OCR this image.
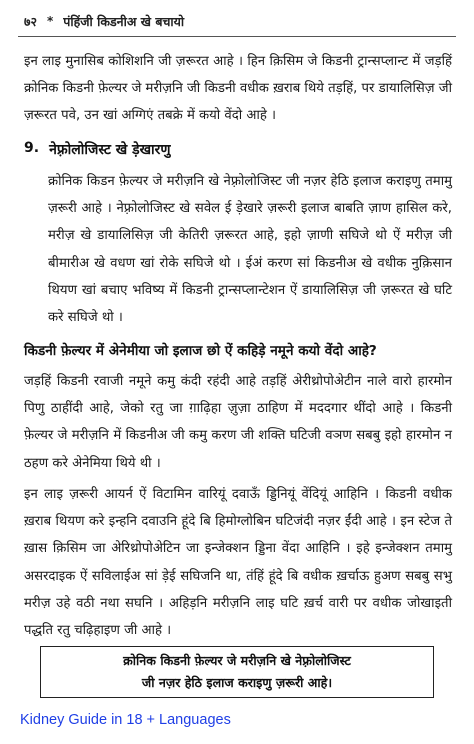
७२ * पंहिंजी किडनीअ खे बचायो

इन लाइ मुनासिब कोशिशनि जी ज़रूरत आहे । हिन क़िसिम जे किडनी ट्रान्सप्लान्ट में जड़हिं क्रोनिक किडनी फ़ेल्यर जे मरीज़नि जी किडनी वधीक ख़राब थिये तड़हिं, पर डायालिसिज़ जी ज़रूरत पवे, उन खां अग्गिएं तबक्रे में कयो वेंदो आहे ।

9. नेफ़्रोलोजिस्ट खे ड़ेखारणु

क्रोनिक किडन फ़ेल्यर जे मरीज़नि खे नेफ़्रोलोजिस्ट जी नज़र हेठि इलाज कराइणु तमामु ज़रूरी आहे । नेफ़्रोलोजिस्ट खे सवेल ई ड़ेखारे ज़रूरी इलाज बाबति ज़ाण हासिल करे, मरीज़ खे डायालिसिज़ जी केतिरी ज़रूरत आहे, इहो ज़ाणी सघिजे थो ऐं मरीज़ जी बीमारीअ खे वधण खां रोके सघिजे थो । ईअं करण सां किडनीअ खे वधीक नुक़िसान थियण खां बचाए भविष्य में किडनी ट्रान्सप्लान्टेशन ऐं डायालिसिज़ जी ज़रूरत खे घटि करे सघिजे थो ।

किडनी फ़ेल्यर में अेनेमीया जो इलाज छो ऐं कहिड़े नमूने कयो वेंदो आहे?

जड़हिं किडनी रवाजी नमूने कमु कंदी रहंदी आहे तड़हिं अेरीथ्रोपोअेटीन नाले वारो हारमोन पिणु ठाहींदी आहे, जेको रतु जा ग़ाढ़िहा ज़ुज़ा ठाहिण में मददगार थींदो आहे । किडनी फ़ेल्यर जे मरीज़नि में किडनीअ जी कमु करण जी शक्ति घटिजी वञण सबबु इहो हारमोन न ठहण करे अेनेमिया थिये थी ।

इन लाइ ज़रूरी आयर्न ऐं विटामिन वारियूं दवाऊँ ड्डिनियूं वेंदियूं आहिनि । किडनी वधीक ख़राब थियण करे इन्हनि दवाउनि हूंदे बि हिमोग्लोबिन घटिजंदी नज़र ईंदी आहे । इन स्टेज ते ख़ास क़िसिम जा अेरिथ्रोपोअेटिन जा इन्जेक्शन ड्डिना वेंदा आहिनि । इहे इन्जेक्शन तमामु असरदाइक ऐं सविलाईअ सां ड़ेई सघिजनि था, तंहिं हूंदे बि वधीक ख़र्चाऊ हुअण सबबु सभु मरीज़ उहे वठी नथा सघनि । अहिड़नि मरीज़नि लाइ घटि ख़र्च वारी पर वधीक जोखाइती पद्धति रतु चढ़िहाइण जी आहे ।

क्रोनिक किडनी फ़ेल्यर जे मरीज़नि खे नेफ़्रोलोजिस्ट
जी नज़र हेठि इलाज कराइणु ज़रूरी आहे।
Kidney Guide in 18 + Languages
